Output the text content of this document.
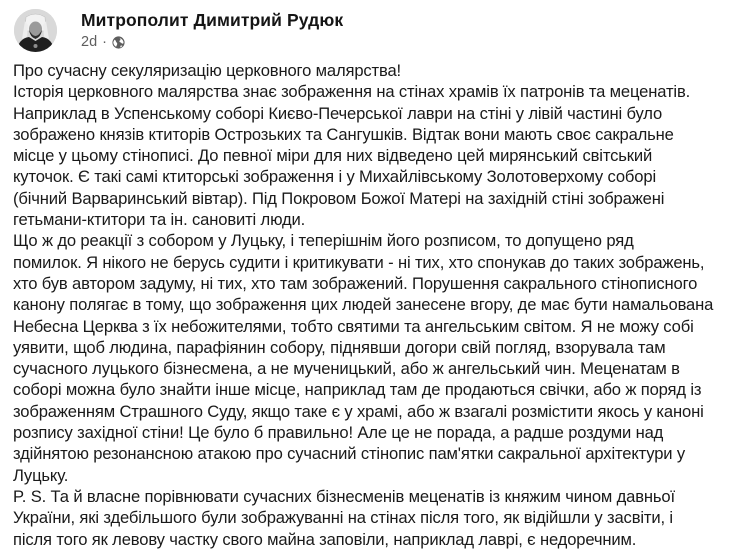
Митрополит Димитрий Рудюк
2d ·
Про сучасну секуляризацію церковного малярства!
Історія церковного малярства знає зображення на стінах храмів їх патронів та меценатів.
Наприклад в Успенському соборі Києво-Печерської лаври на стіні у лівій частині було
зображено князів ктиторів Острозьких та Сангушків. Відтак вони мають своє сакральне
місце у цьому стінописі. До певної міри для них відведено цей мирянський світський
куточок. Є такі самі ктиторські зображення і у Михайлівському Золотоверхому соборі
(бічний Варваринський вівтар). Під Покровом Божої Матері на західній стіні зображені
гетьмани-ктитори та ін. сановиті люди.
Що ж до реакції з собором у Луцьку, і теперішнім його розписом, то допущено ряд
помилок. Я нікого не берусь судити і критикувати - ні тих, хто спонукав до таких зображень,
хто був автором задуму, ні тих, хто там зображений. Порушення сакрального стінописного
канону полягає в тому, що зображення цих людей занесене вгору, де має бути намальована
Небесна Церква з їх небожителями, тобто святими та ангельським світом. Я не можу собі
уявити, щоб людина, парафіянин собору, піднявши догори свій погляд, взорувала там
сучасного луцького бізнесмена, а не мученицький, або ж ангельський чин. Меценатам в
соборі можна було знайти інше місце, наприклад там де продаються свічки, або ж поряд із
зображенням Страшного Суду, якщо таке є у храмі, або ж взагалі розмістити якось у каноні
розпису західної стіни! Це було б правильно! Але це не порада, а радше роздуми над
здійнятою резонансною атакою про сучасний стінопис пам'ятки сакральної архітектури у
Луцьку.
P. S. Та й власне порівнювати сучасних бізнесменів меценатів із княжим чином давньої
України, які здебільшого були зображуванні на стінах після того, як відійшли у засвіти, і
після того як левову частку свого майна заповіли, наприклад лаврі, є недоречним.
